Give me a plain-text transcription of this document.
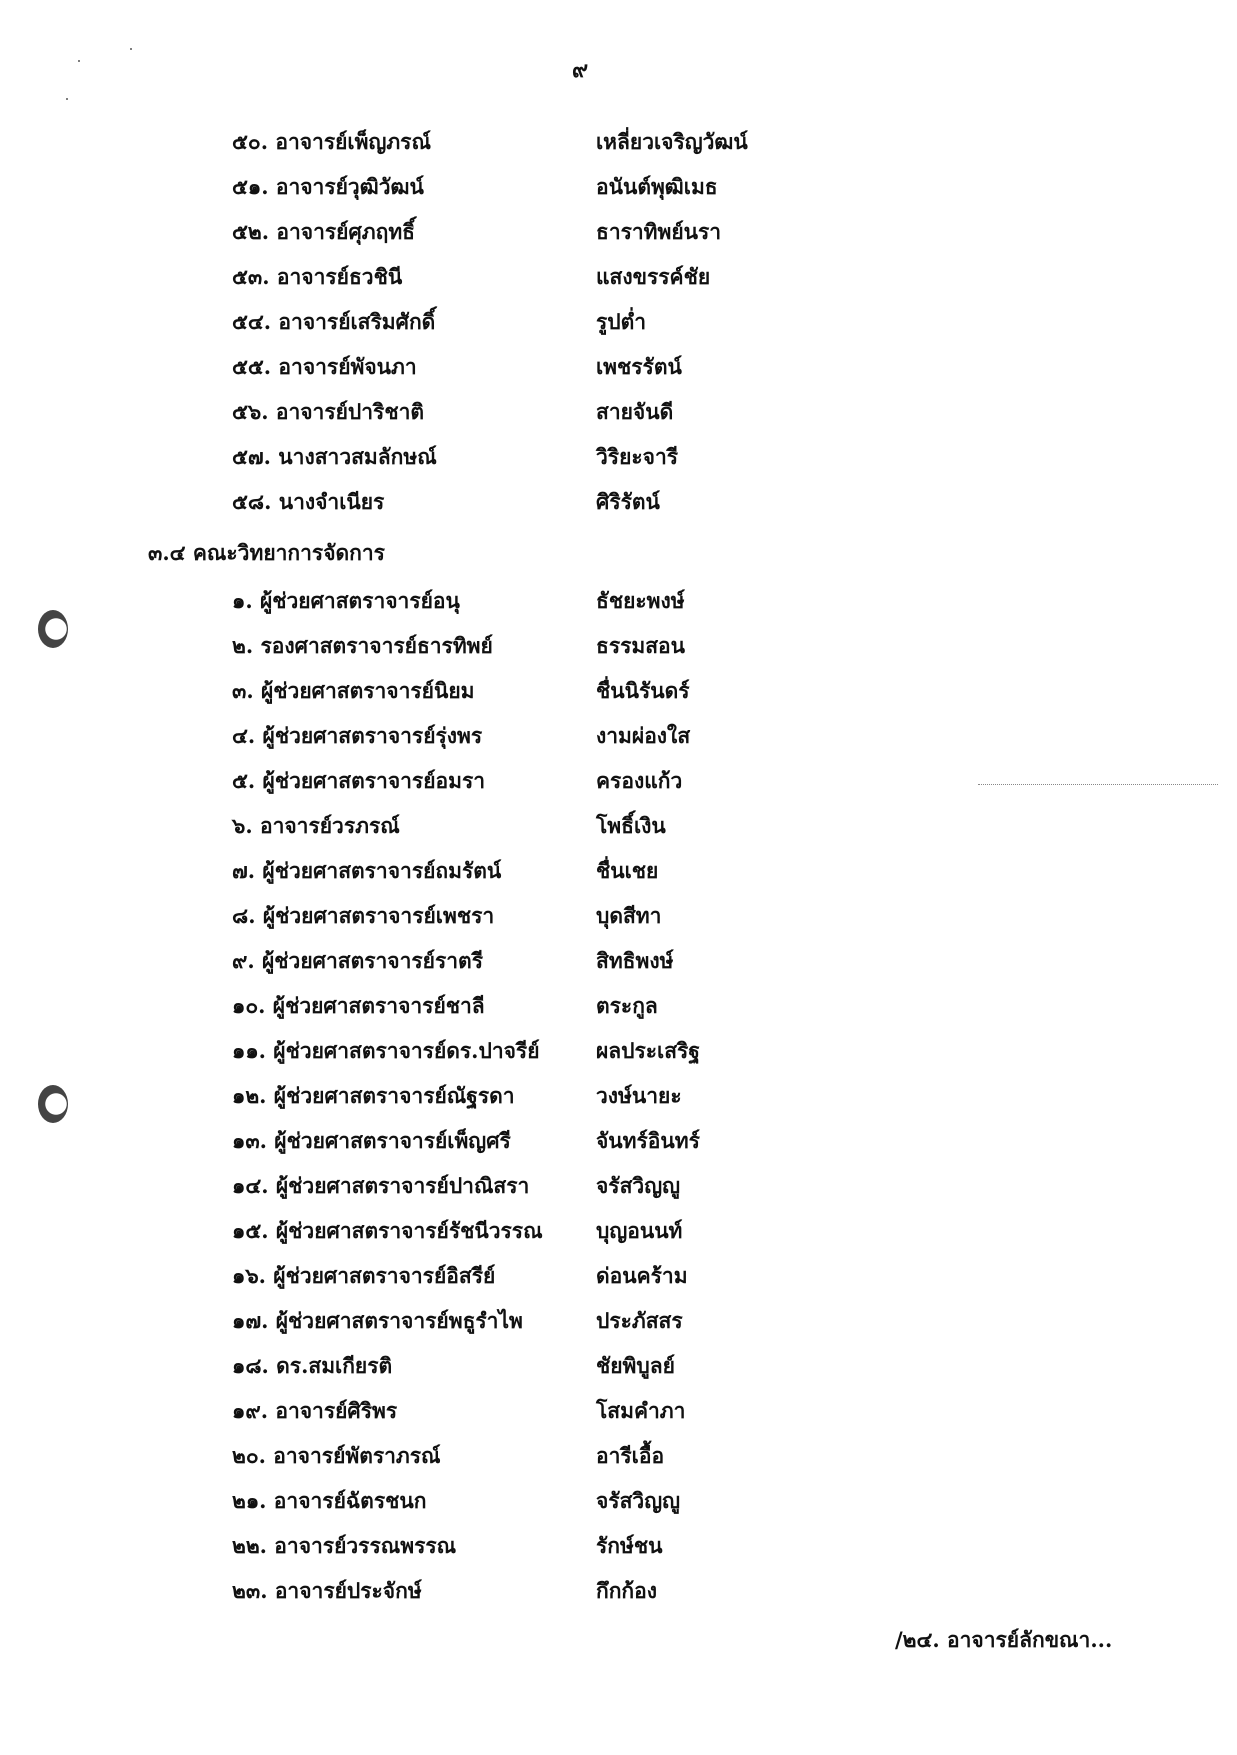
๙
๕๐. อาจารย์เพ็ญภรณ์	เหลี่ยวเจริญวัฒน์
๕๑. อาจารย์วุฒิวัฒน์	อนันต์พุฒิเมธ
๕๒. อาจารย์ศุภฤทธิ์	ธาราทิพย์นรา
๕๓. อาจารย์ธวชินี	แสงขรรค์ชัย
๕๔. อาจารย์เสริมศักดิ์	รูปต่ำ
๕๕. อาจารย์พัจนภา	เพชรรัตน์
๕๖. อาจารย์ปาริชาติ	สายจันดี
๕๗. นางสาวสมลักษณ์	วิริยะจารี
๕๘. นางจำเนียร	ศิริรัตน์
๓.๔ คณะวิทยาการจัดการ
๑. ผู้ช่วยศาสตราจารย์อนุ	ธัชยะพงษ์
๒. รองศาสตราจารย์ธารทิพย์	ธรรมสอน
๓. ผู้ช่วยศาสตราจารย์นิยม	ชื่นนิรันดร์
๔. ผู้ช่วยศาสตราจารย์รุ่งพร	งามผ่องใส
๕. ผู้ช่วยศาสตราจารย์อมรา	ครองแก้ว
๖. อาจารย์วรภรณ์	โพธิ์เงิน
๗. ผู้ช่วยศาสตราจารย์ถมรัตน์	ชื่นเชย
๘. ผู้ช่วยศาสตราจารย์เพชรา	บุดสีทา
๙. ผู้ช่วยศาสตราจารย์ราตรี	สิทธิพงษ์
๑๐. ผู้ช่วยศาสตราจารย์ชาลี	ตระกูล
๑๑. ผู้ช่วยศาสตราจารย์ดร.ปาจรีย์	ผลประเสริฐ
๑๒. ผู้ช่วยศาสตราจารย์ณัฐรดา	วงษ์นายะ
๑๓. ผู้ช่วยศาสตราจารย์เพ็ญศรี	จันทร์อินทร์
๑๔. ผู้ช่วยศาสตราจารย์ปาณิสรา	จรัสวิญญู
๑๕. ผู้ช่วยศาสตราจารย์รัชนีวรรณ	บุญอนนท์
๑๖. ผู้ช่วยศาสตราจารย์อิสรีย์	ด่อนคร้าม
๑๗. ผู้ช่วยศาสตราจารย์พธูรำไพ	ประภัสสร
๑๘. ดร.สมเกียรติ	ชัยพิบูลย์
๑๙. อาจารย์ศิริพร	โสมคำภา
๒๐. อาจารย์พัตราภรณ์	อารีเอื้อ
๒๑. อาจารย์ฉัตรชนก	จรัสวิญญู
๒๒. อาจารย์วรรณพรรณ	รักษ์ชน
๒๓. อาจารย์ประจักษ์	กึกก้อง
/๒๔. อาจารย์ลักขณา...
